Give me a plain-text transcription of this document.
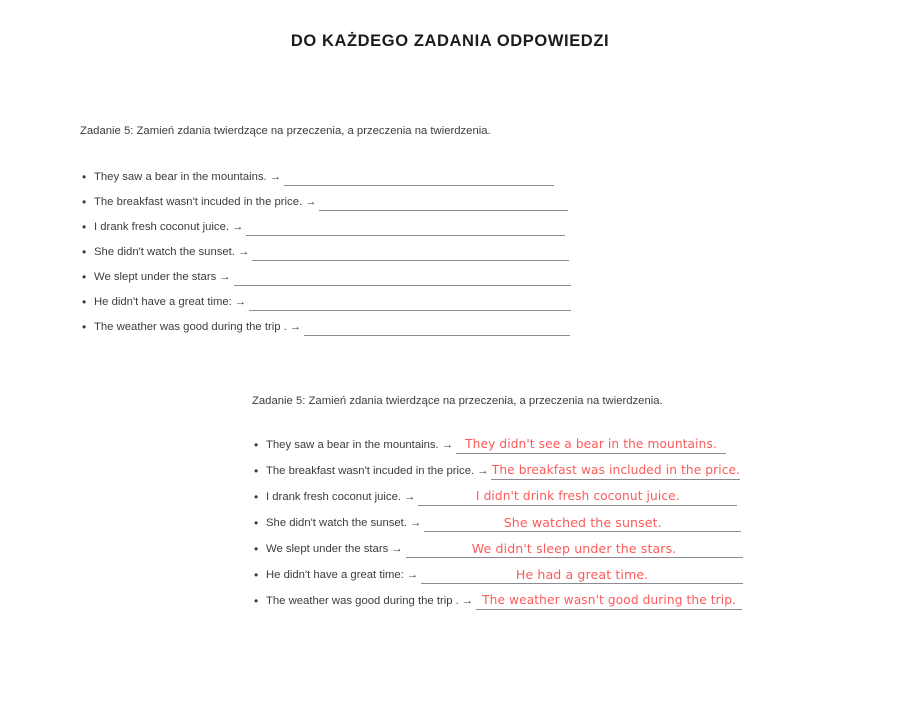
DO KAŻDEGO ZADANIA ODPOWIEDZI
Zadanie 5: Zamień zdania twierdzące na przeczenia, a przeczenia na twierdzenia.
• They saw a bear in the mountains. →
• The breakfast wasn't incuded in the price. →
• I drank fresh coconut juice. →
• She didn't watch the sunset. →
• We slept under the stars →
• He didn't have a great time: →
• The weather was good during the trip . →
Zadanie 5: Zamień zdania twierdzące na przeczenia, a przeczenia na twierdzenia.
• They saw a bear in the mountains. → They didn't see a bear in the mountains.
• The breakfast wasn't incuded in the price. → The breakfast was included in the price.
• I drank fresh coconut juice. →	I didn't drink fresh coconut juice.
• She didn't watch the sunset. →	She watched the sunset.
• We slept under the stars →	We didn't sleep under the stars.
• He didn't have a great time: →	He had a great time.
• The weather was good during the trip . → The weather wasn't good during the trip.
